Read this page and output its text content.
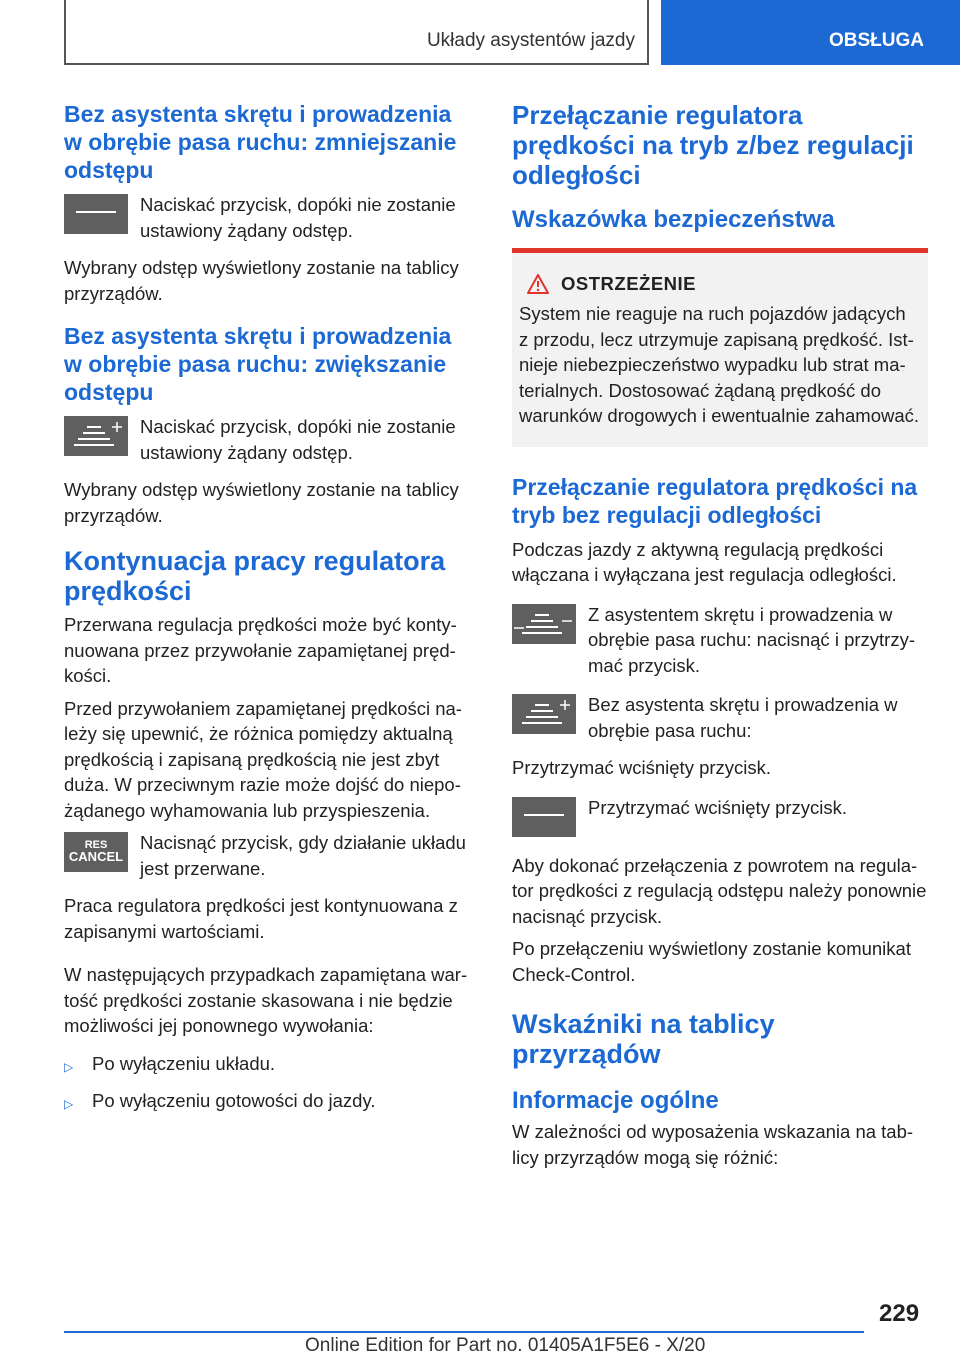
Układy asystentów jazdy	OBSŁUGA
Bez asystenta skrętu i prowadzenia w obrębie pasa ruchu: zmniejszanie odstępu
Naciskać przycisk, dopóki nie zostanie ustawiony żądany odstęp.

Wybrany odstęp wyświetlony zostanie na tablicy przyrządów.

Bez asystenta skrętu i prowadzenia w obrębie pasa ruchu: zwiększanie odstępu
Naciskać przycisk, dopóki nie zostanie ustawiony żądany odstęp.

Wybrany odstęp wyświetlony zostanie na tablicy przyrządów.

Kontynuacja pracy regulatora prędkości

Przerwana regulacja prędkości może być kontynuowana przez przywołanie zapamiętanej prędkości.

Przed przywołaniem zapamiętanej prędkości należy się upewnić, że różnica pomiędzy aktualną prędkością i zapisaną prędkością nie jest zbyt duża. W przeciwnym razie może dojść do niepożądanego wyhamowania lub przyspieszenia.

RES
CANCEL
Nacisnąć przycisk, gdy działanie układu jest przerwane.

Praca regulatora prędkości jest kontynuowana z zapisanymi wartościami.

W następujących przypadkach zapamiętana wartość prędkości zostanie skasowana i nie będzie możliwości jej ponownego wywołania:

▷	Po wyłączeniu układu.
▷	Po wyłączeniu gotowości do jazdy.
Przełączanie regulatora prędkości na tryb z/bez regulacji odległości
Wskazówka bezpieczeństwa
OSTRZEŻENIE

System nie reaguje na ruch pojazdów jadących z przodu, lecz utrzymuje zapisaną prędkość. Istnieje niebezpieczeństwo wypadku lub strat materialnych. Dostosować żądaną prędkość do warunków drogowych i ewentualnie zahamować.

Przełączanie regulatora prędkości na tryb bez regulacji odległości

Podczas jazdy z aktywną regulacją prędkości włączana i wyłączana jest regulacja odległości.

Z asystentem skrętu i prowadzenia w obrębie pasa ruchu: nacisnąć i przytrzymać przycisk.
Bez asystenta skrętu i prowadzenia w obrębie pasa ruchu:

Przytrzymać wciśnięty przycisk.

Przytrzymać wciśnięty przycisk.

Aby dokonać przełączenia z powrotem na regulator prędkości z regulacją odstępu należy ponownie nacisnąć przycisk.

Po przełączeniu wyświetlony zostanie komunikat Check-Control.

Wskaźniki na tablicy przyrządów
Informacje ogólne

W zależności od wyposażenia wskazania na tablicy przyrządów mogą się różnić:

229
Online Edition for Part no. 01405A1F5E6 - X/20
